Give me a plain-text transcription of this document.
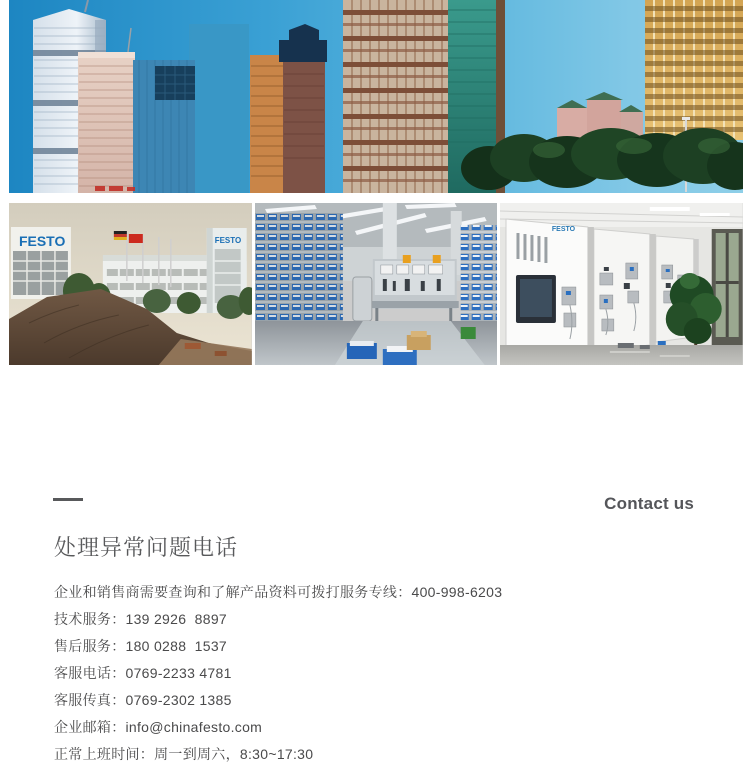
FESTO	FESTO
FESTO
Contact us
处理异常问题电话
企业和销售商需要查询和了解产品资料可拨打服务专线：400-998-6203
技术服务：139 2926  8897
售后服务：180 0288  1537
客服电话：0769-2233 4781
客服传真：0769-2302 1385
企业邮箱：info@chinafesto.com
正常上班时间：周一到周六，8:30~17:30
